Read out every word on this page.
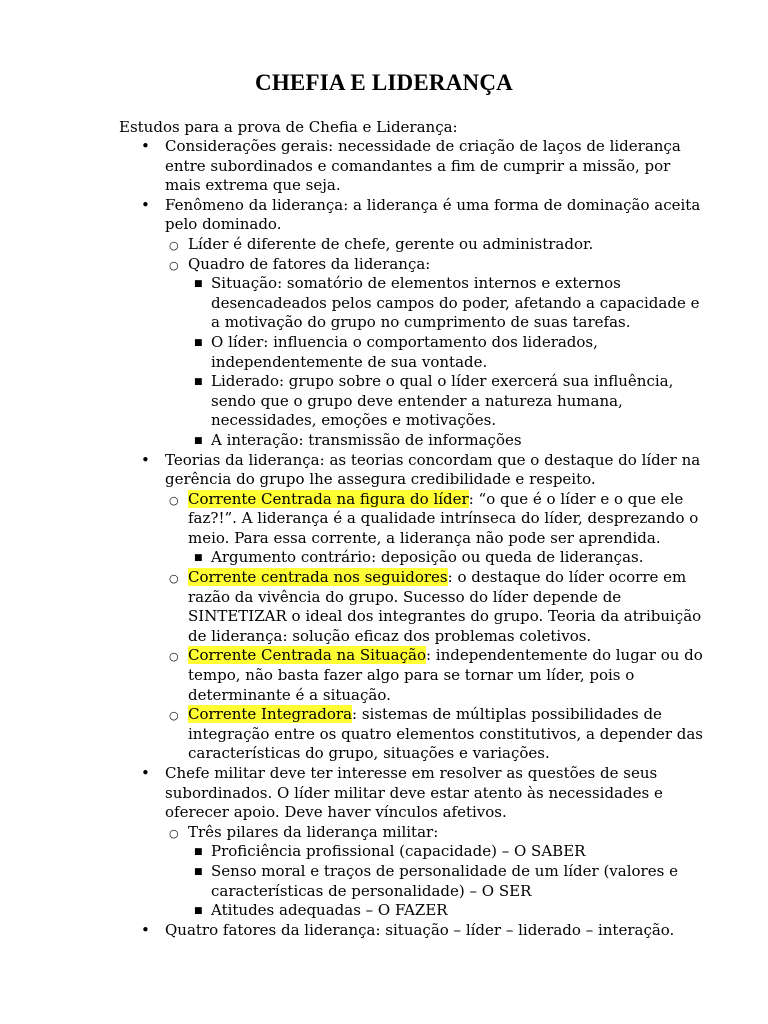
CHEFIA E LIDERANÇA
Estudos para a prova de Chefia e Liderança:
• Considerações gerais: necessidade de criação de laços de liderança entre subordinados e comandantes a fim de cumprir a missão, por mais extrema que seja.
• Fenômeno da liderança: a liderança é uma forma de dominação aceita pelo dominado.
○ Líder é diferente de chefe, gerente ou administrador.
○ Quadro de fatores da liderança:
■ Situação: somatório de elementos internos e externos desencadeados pelos campos do poder, afetando a capacidade e a motivação do grupo no cumprimento de suas tarefas.
■ O líder: influencia o comportamento dos liderados, independentemente de sua vontade.
■ Liderado: grupo sobre o qual o líder exercerá sua influência, sendo que o grupo deve entender a natureza humana, necessidades, emoções e motivações.
■ A interação: transmissão de informações
• Teorias da liderança: as teorias concordam que o destaque do líder na gerência do grupo lhe assegura credibilidade e respeito.
○ Corrente Centrada na figura do líder: “o que é o líder e o que ele faz?!”. A liderança é a qualidade intrínseca do líder, desprezando o meio. Para essa corrente, a liderança não pode ser aprendida.
■ Argumento contrário: deposição ou queda de lideranças.
○ Corrente centrada nos seguidores: o destaque do líder ocorre em razão da vivência do grupo. Sucesso do líder depende de SINTETIZAR o ideal dos integrantes do grupo. Teoria da atribuição de liderança: solução eficaz dos problemas coletivos.
○ Corrente Centrada na Situação: independentemente do lugar ou do tempo, não basta fazer algo para se tornar um líder, pois o determinante é a situação.
○ Corrente Integradora: sistemas de múltiplas possibilidades de integração entre os quatro elementos constitutivos, a depender das características do grupo, situações e variações.
• Chefe militar deve ter interesse em resolver as questões de seus subordinados. O líder militar deve estar atento às necessidades e oferecer apoio. Deve haver vínculos afetivos.
○ Três pilares da liderança militar:
■ Proficiência profissional (capacidade) – O SABER
■ Senso moral e traços de personalidade de um líder (valores e características de personalidade) – O SER
■ Atitudes adequadas – O FAZER
• Quatro fatores da liderança: situação – líder – liderado – interação.
